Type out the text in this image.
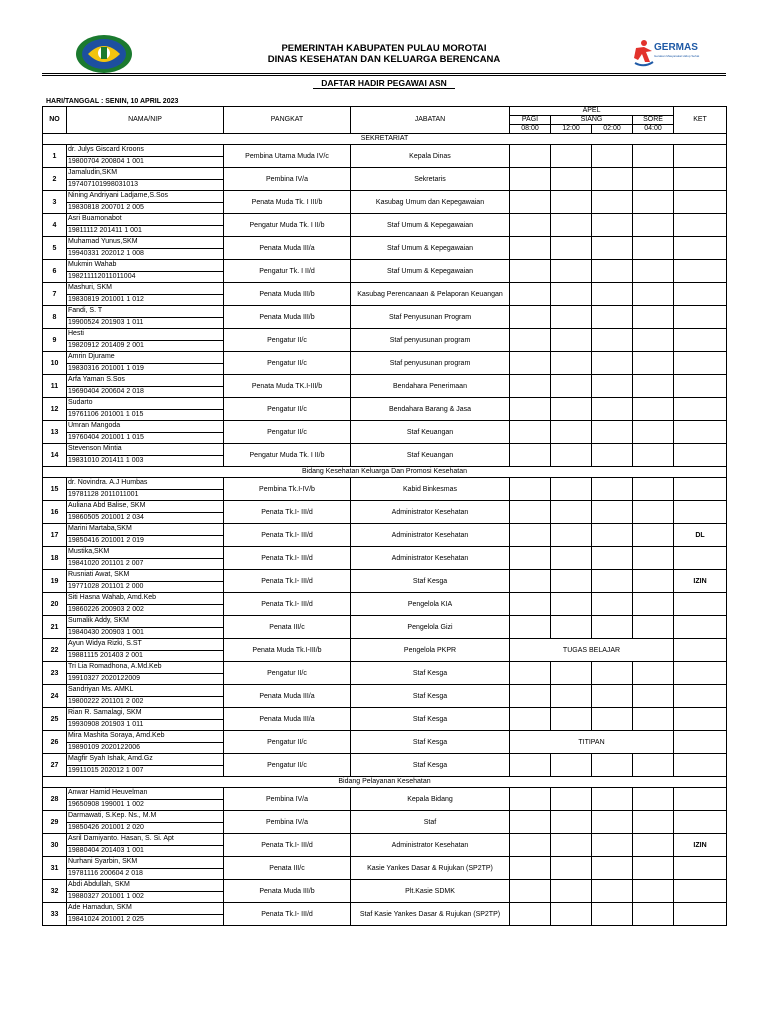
PEMERINTAH KABUPATEN PULAU MOROTAI
DINAS KESEHATAN DAN KELUARGA BERENCANA
GERMAS
Gerakan Masyarakat Hidup Sehat
DAFTAR HADIR PEGAWAI ASN
HARI/TANGGAL : SENIN, 10 APRIL 2023
NO	NAMA/NIP	PANGKAT	JABATAN	APEL				KET
				PAGI	SIANG		SORE	
				08:00	12:00	02:00	04:00	
SEKRETARIAT								
1	dr. Julys Giscard Kroons
19800704 200804 1 001	Pembina Utama Muda IV/c	Kepala Dinas					
2	Jamaludin,SKM
197407101998031013	Pembina IV/a	Sekretaris					
3	Nining Andriyani Ladjame,S.Sos
19830818 200701 2 005	Penata Muda Tk. I III/b	Kasubag Umum dan Kepegawaian					
4	Asri Buamonabot
19811112 201411 1 001	Pengatur Muda Tk. I II/b	Staf Umum & Kepegawaian					
5	Muhamad Yunus,SKM
19940331 202012 1 008	Penata Muda III/a	Staf Umum & Kepegawaian					
6	Mukmin Wahab
198211112011011004	Pengatur Tk. I II/d	Staf Umum & Kepegawaian					
7	Mashuri, SKM
19830819 201001 1 012	Penata Muda III/b	Kasubag Perencanaan & Pelaporan Keuangan					
8	Fandi, S. T
19900524 201903 1 011	Penata Muda III/b	Staf Penyusunan Program					
9	Hesti
19820912 201409 2 001	Pengatur II/c	Staf penyusunan program					
10	Amrin Djurame
19830316 201001 1 019	Pengatur II/c	Staf penyusunan program					
11	Arfa Yaman S.Sos
19690404 200604 2 018	Penata Muda TK.I-III/b	Bendahara Penerimaan					
12	Sudarto
19761106 201001 1 015	Pengatur II/c	Bendahara Barang & Jasa					
13	Umran Mangoda
19760404 201001 1 015	Pengatur II/c	Staf Keuangan					
14	Stevenson Mintia
19831010 201411 1 003	Pengatur Muda Tk. I II/b	Staf Keuangan					
Bidang Kesehatan Keluarga Dan Promosi Kesehatan								
15	dr. Novindra. A.J Humbas
19781128 2011011001	Pembina Tk.I-IV/b	Kabid Binkesmas					
16	Auliana Abd Balise, SKM
19860505 201001 2 034	Penata Tk.I- III/d	Administrator Kesehatan					
17	Marini Martaba,SKM
19850416 201001 2 019	Penata Tk.I- III/d	Administrator Kesehatan					DL
18	Mustika,SKM
19841020 201101 2 007	Penata Tk.I- III/d	Administrator Kesehatan					
19	Rusniati Awat, SKM
19771028 201101 2 000	Penata Tk.I- III/d	Staf Kesga					IZIN
20	Siti Hasna Wahab, Amd.Keb
19860226 200903 2 002	Penata Tk.I- III/d	Pengelola KIA					
21	Sumalik Addy, SKM
19840430 200903 1 001	Penata III/c	Pengelola Gizi					
22	Ayun Widya Rizki, S.ST
19881115 201403 2 001	Penata Muda Tk.I-III/b	Pengelola PKPR	TUGAS BELAJAR				
23	Tri Lia Romadhona, A.Md.Keb
19910327 2020122009	Pengatur II/c	Staf Kesga					
24	Sandriyan Ms. AMKL
19800222 201101 2 002	Penata Muda III/a	Staf Kesga					
25	Rian R. Samalagi, SKM
19930908 201903 1 011	Penata Muda III/a	Staf Kesga					
26	Mira Mashita Soraya, Amd.Keb
19890109 2020122006	Pengatur II/c	Staf Kesga	TITIPAN				
27	Magfir Syah Ishak, Amd.Gz
19911015 202012 1 007	Pengatur II/c	Staf Kesga					
Bidang Pelayanan Kesehatan								
28	Anwar Hamid Heuvelman
19650908 199001 1 002	Pembina IV/a	Kepala Bidang					
29	Darmawati, S.Kep. Ns., M.M
19850426 201001 2 020	Pembina IV/a	Staf					
30	Asril Damiyanto. Hasan, S. Si. Apt
19880404 201403 1 001	Penata Tk.I- III/d	Administrator Kesehatan					IZIN
31	Nurhani Syarbin, SKM
19781116 200604 2 018	Penata III/c	Kasie Yankes Dasar & Rujukan (SP2TP)					
32	Abdi Abdullah, SKM
19880327 201001 1 002	Penata Muda III/b	Plt.Kasie SDMK					
33	Ade Hamadun, SKM
19841024 201001 2 025	Penata Tk.I- III/d	Staf Kasie Yankes Dasar & Rujukan (SP2TP)					
